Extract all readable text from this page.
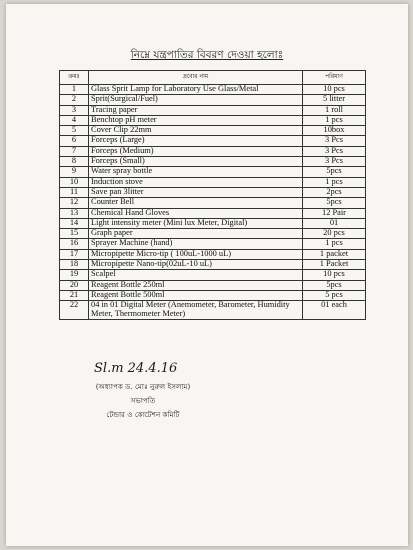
নিম্নে যন্ত্রপাতির বিবরণ দেওয়া হলোঃ
ক্রমঃ	দ্রব্যের নাম	পরিমাণ
1	Glass Sprit Lamp for Laboratory Use Glass/Metal	10 pcs
2	Sprit(Surgical/Fuel)	5 litter
3	Tracing paper	1 roll
4	Benchtop pH meter	1 pcs
5	Cover Clip 22mm	10box
6	Forceps (Large)	3 Pcs
7	Forceps (Medium)	3 Pcs
8	Forceps (Small)	3 Pcs
9	Water spray bottle	5pcs
10	Induction stove	1 pcs
11	Save pan 3litter	2pcs
12	Counter Bell	5pcs
13	Chemical Hand Gloves	12 Pair
14	Light intensity meter (Mini lux Meter, Digital)	01
15	Graph paper	20 pcs
16	Sprayer Machine (hand)	1 pcs
17	Micropipette Micro-tip ( 100uL-1000 uL)	1 packet
18	Micropipette Nano-tip(02uL-10 uL)	1 Packet
19	Scalpel	10 pcs
20	Reagent Bottle 250ml	5pcs
21	Reagent Bottle 500ml	5 pcs
22	04 in 01 Digital Meter (Anemometer, Barometer, Humidity Meter, Thermometer Meter)	01 each
Sl.m 24.4.16
(অধ্যাপক ড. মোঃ নুরুল ইসলাম)
সভাপতি
টেন্ডার ও কোটেশন কমিটি
